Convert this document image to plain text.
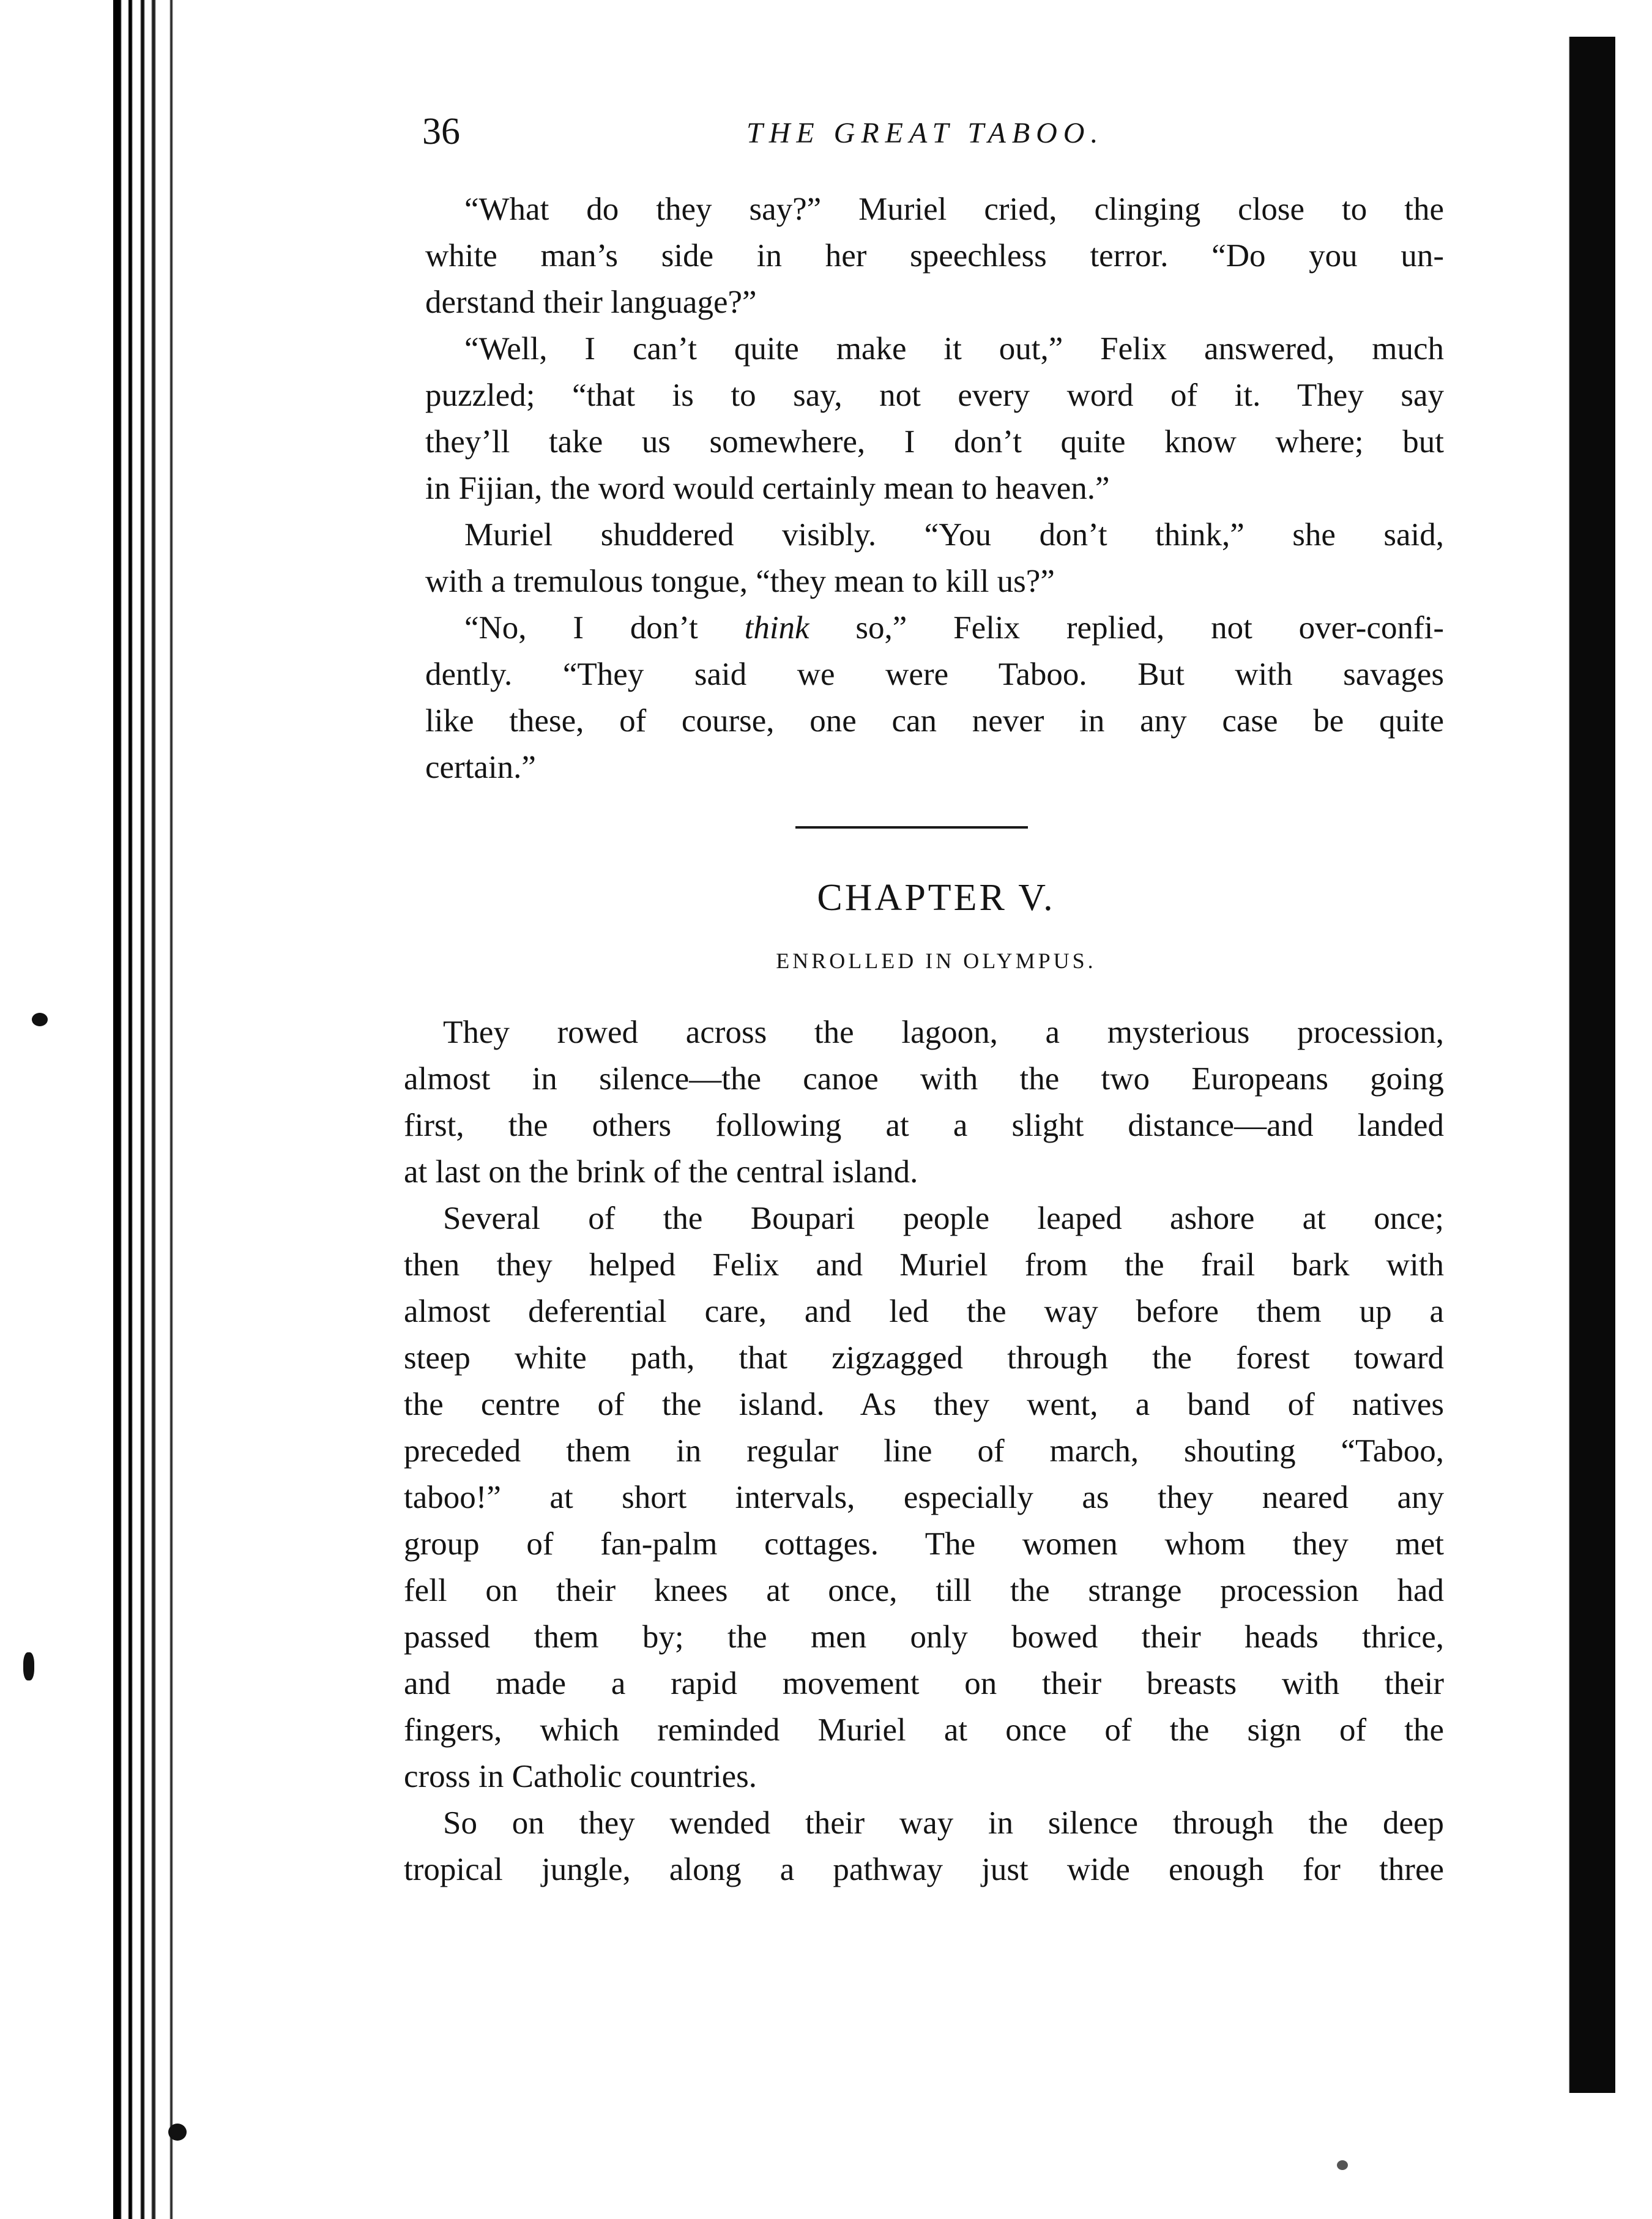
36	THE GREAT TABOO.
“What do they say?” Muriel cried, clinging close to the
white man’s side in her speechless terror. “Do you un-
derstand their language?”
“Well, I can’t quite make it out,” Felix answered, much
puzzled; “that is to say, not every word of it. They say
they’ll take us somewhere, I don’t quite know where; but
in Fijian, the word would certainly mean to heaven.”
Muriel shuddered visibly. “You don’t think,” she said,
with a tremulous tongue, “they mean to kill us?”
“No, I don’t think so,” Felix replied, not over-confi-
dently. “They said we were Taboo. But with savages
like these, of course, one can never in any case be quite
certain.”
CHAPTER V.
ENROLLED IN OLYMPUS.
They rowed across the lagoon, a mysterious procession,
almost in silence—the canoe with the two Europeans going
first, the others following at a slight distance—and landed
at last on the brink of the central island.
Several of the Boupari people leaped ashore at once;
then they helped Felix and Muriel from the frail bark with
almost deferential care, and led the way before them up a
steep white path, that zigzagged through the forest toward
the centre of the island. As they went, a band of natives
preceded them in regular line of march, shouting “Taboo,
taboo!” at short intervals, especially as they neared any
group of fan-palm cottages. The women whom they met
fell on their knees at once, till the strange procession had
passed them by; the men only bowed their heads thrice,
and made a rapid movement on their breasts with their
fingers, which reminded Muriel at once of the sign of the
cross in Catholic countries.
So on they wended their way in silence through the deep
tropical jungle, along a pathway just wide enough for three
